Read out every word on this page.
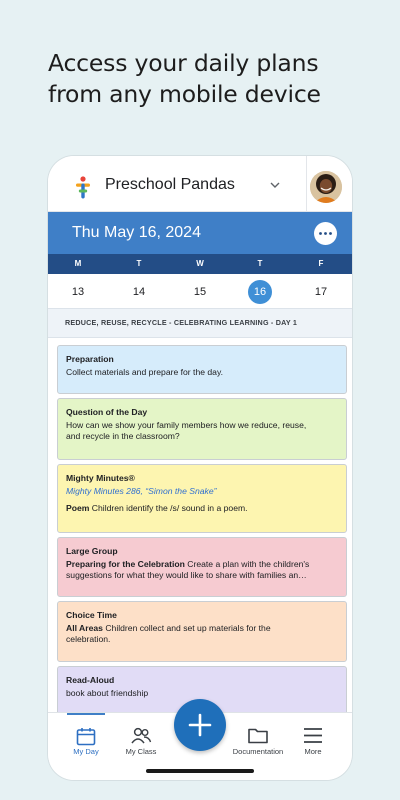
Access your daily plans
from any mobile device
Preschool Pandas
Thu May 16, 2024
M	T	W	T	F
13	14	15	16	17
REDUCE, REUSE, RECYCLE - CELEBRATING LEARNING - DAY 1
Preparation
Collect materials and prepare for the day.
Question of the Day
How can we show your family members how we reduce, reuse,
and recycle in the classroom?
Mighty Minutes®
Mighty Minutes 286, “Simon the Snake”
Poem Children identify the /s/ sound in a poem.
Large Group
Preparing for the Celebration Create a plan with the children's
suggestions for what they would like to share with families an…
Choice Time
All Areas Children collect and set up materials for the
celebration.
Read-Aloud
book about friendship
My Day	My Class	Documentation	More
